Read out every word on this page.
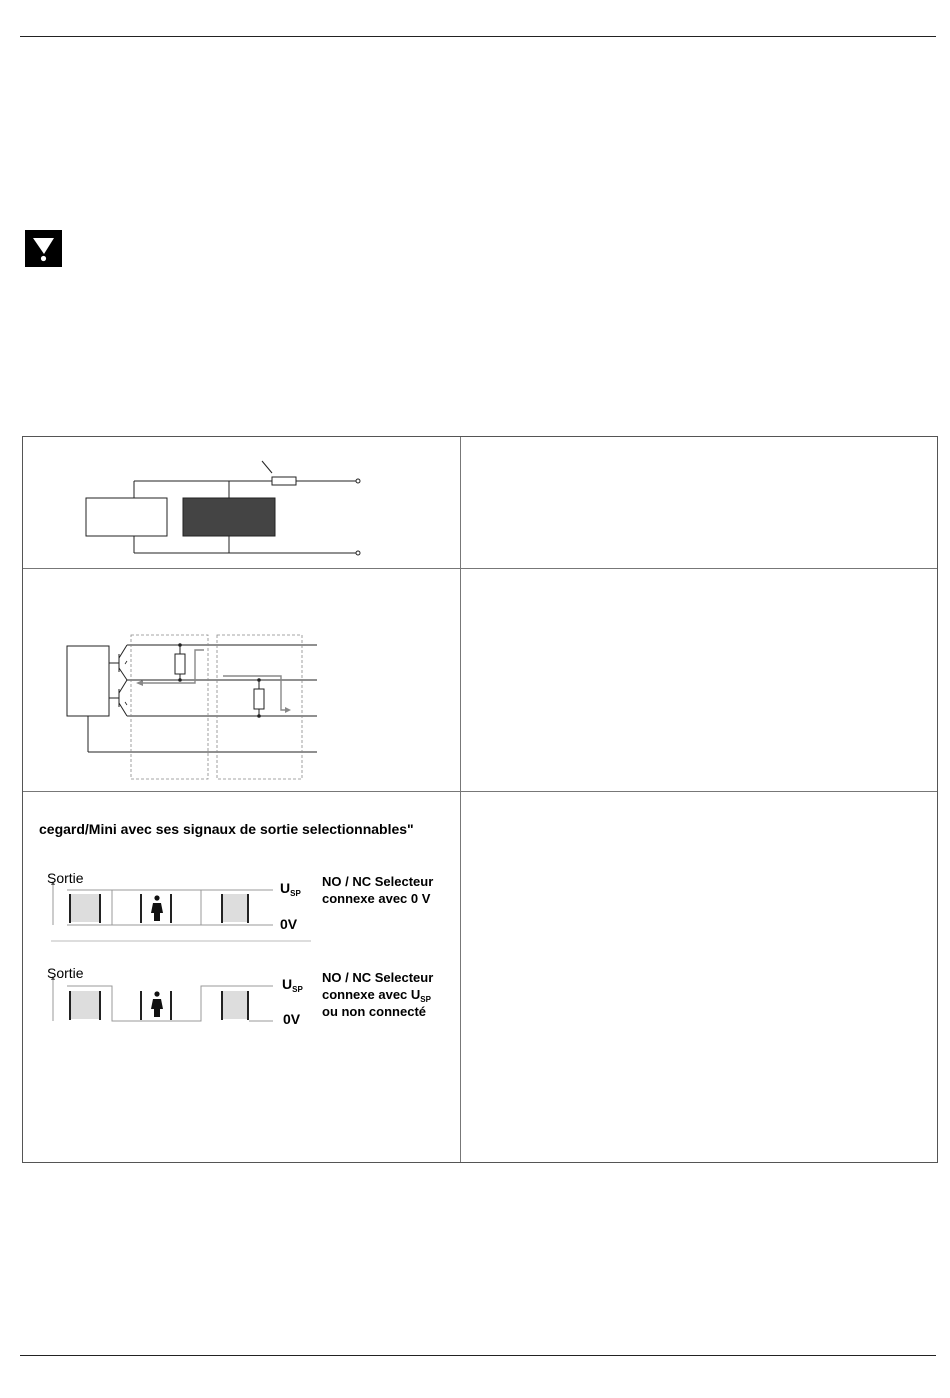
cegard/Mini avec ses signaux de sortie selectionnables"
Sortie
$U_{SP}$
0V
NO / NC Selecteur
connexe avec 0 V
Sortie
$U_{SP}$
0V
NO / NC Selecteur
connexe avec $U_{SP}$
ou non connecté
